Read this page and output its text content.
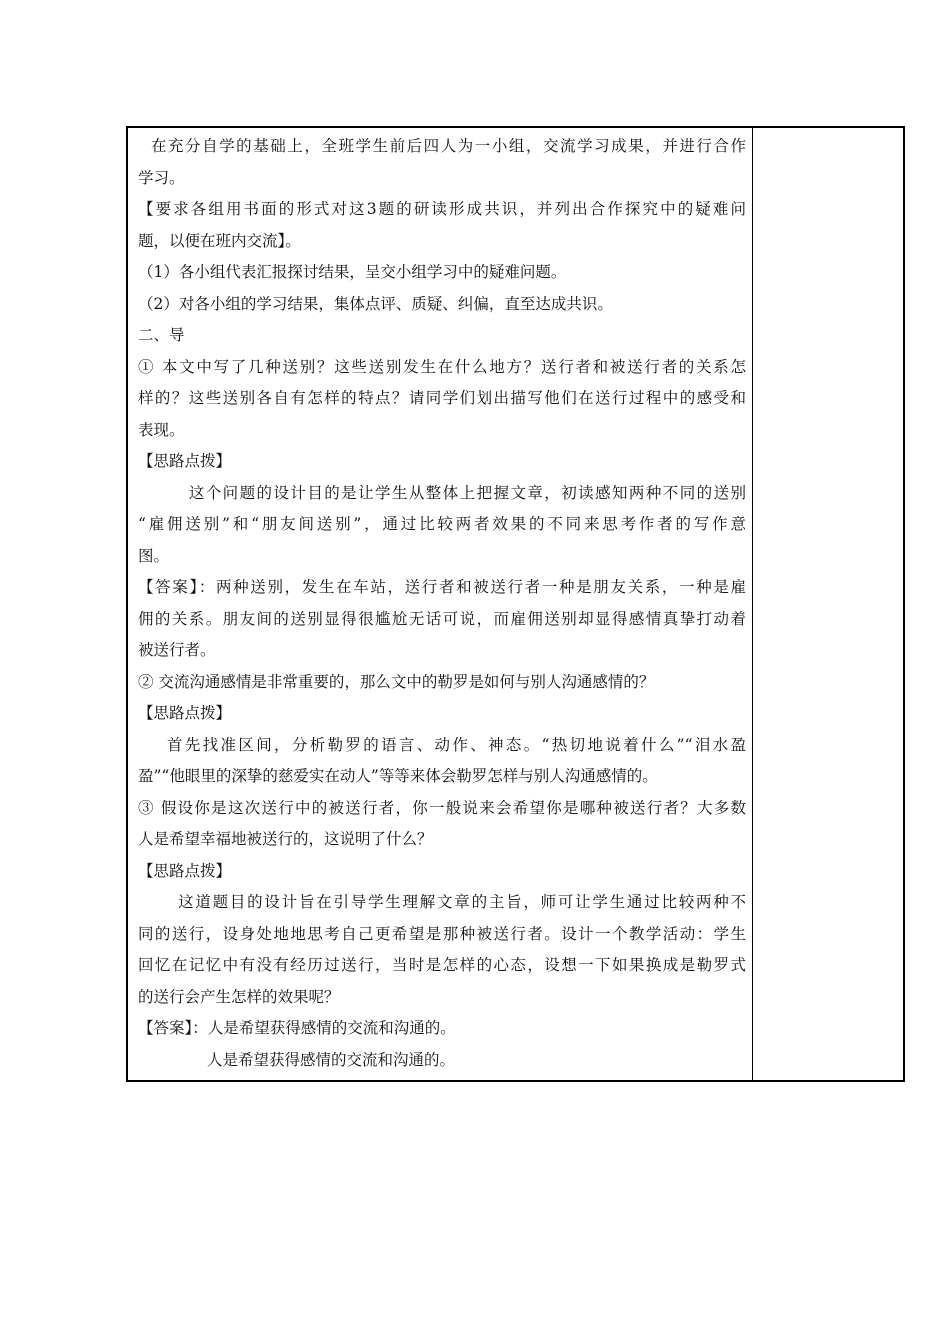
在充分自学的基础上，全班学生前后四人为一小组，交流学习成果，并进行合作
学习。
【要求各组用书面的形式对这3题的研读形成共识，并列出合作探究中的疑难问
题，以便在班内交流】。
（1）各小组代表汇报探讨结果，呈交小组学习中的疑难问题。
（2）对各小组的学习结果，集体点评、质疑、纠偏，直至达成共识。
二、导
① 本文中写了几种送别？这些送别发生在什么地方？送行者和被送行者的关系怎
样的？这些送别各自有怎样的特点？请同学们划出描写他们在送行过程中的感受和
表现。
【思路点拨】
这个问题的设计目的是让学生从整体上把握文章，初读感知两种不同的送别
“雇佣送别”和“朋友间送别”，通过比较两者效果的不同来思考作者的写作意
图。
【答案】：两种送别，发生在车站，送行者和被送行者一种是朋友关系，一种是雇
佣的关系。朋友间的送别显得很尴尬无话可说，而雇佣送别却显得感情真挚打动着
被送行者。
② 交流沟通感情是非常重要的，那么文中的勒罗是如何与别人沟通感情的？
【思路点拨】
首先找准区间，分析勒罗的语言、动作、神态。“热切地说着什么”“泪水盈
盈”“他眼里的深挚的慈爱实在动人”等等来体会勒罗怎样与别人沟通感情的。
③ 假设你是这次送行中的被送行者，你一般说来会希望你是哪种被送行者？大多数
人是希望幸福地被送行的，这说明了什么？
【思路点拨】
这道题目的设计旨在引导学生理解文章的主旨，师可让学生通过比较两种不
同的送行，设身处地地思考自己更希望是那种被送行者。设计一个教学活动：学生
回忆在记忆中有没有经历过送行，当时是怎样的心态，设想一下如果换成是勒罗式
的送行会产生怎样的效果呢？
【答案】：人是希望获得感情的交流和沟通的。
人是希望获得感情的交流和沟通的。
